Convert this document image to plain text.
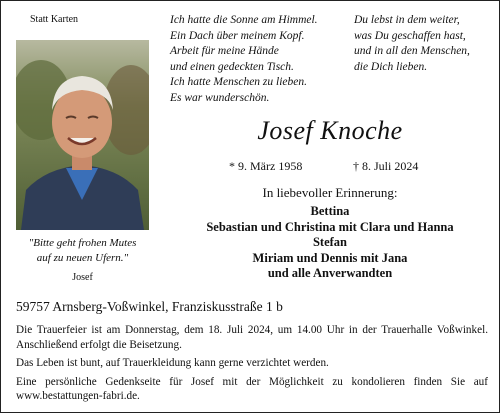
Statt Karten
"Bitte geht frohen Mutes
auf zu neuen Ufern."
Josef
Ich hatte die Sonne am Himmel.
Ein Dach über meinem Kopf.
Arbeit für meine Hände
und einen gedeckten Tisch.
Ich hatte Menschen zu lieben.
Es war wunderschön.
Du lebst in dem weiter,
was Du geschaffen hast,
und in all den Menschen,
die Dich lieben.
Josef Knoche
* 9. März 1958	† 8. Juli 2024
In liebevoller Erinnerung:
Bettina
Sebastian und Christina mit Clara und Hanna
Stefan
Miriam und Dennis mit Jana
und alle Anverwandten
59757 Arnsberg-Voßwinkel, Franziskusstraße 1 b

Die Trauerfeier ist am Donnerstag, dem 18. Juli 2024, um 14.00 Uhr in der Trauerhalle Voßwinkel. Anschließend erfolgt die Beisetzung.

Das Leben ist bunt, auf Trauerkleidung kann gerne verzichtet werden.

Eine persönliche Gedenkseite für Josef mit der Möglichkeit zu kondolieren finden Sie auf www.bestattungen-fabri.de.
